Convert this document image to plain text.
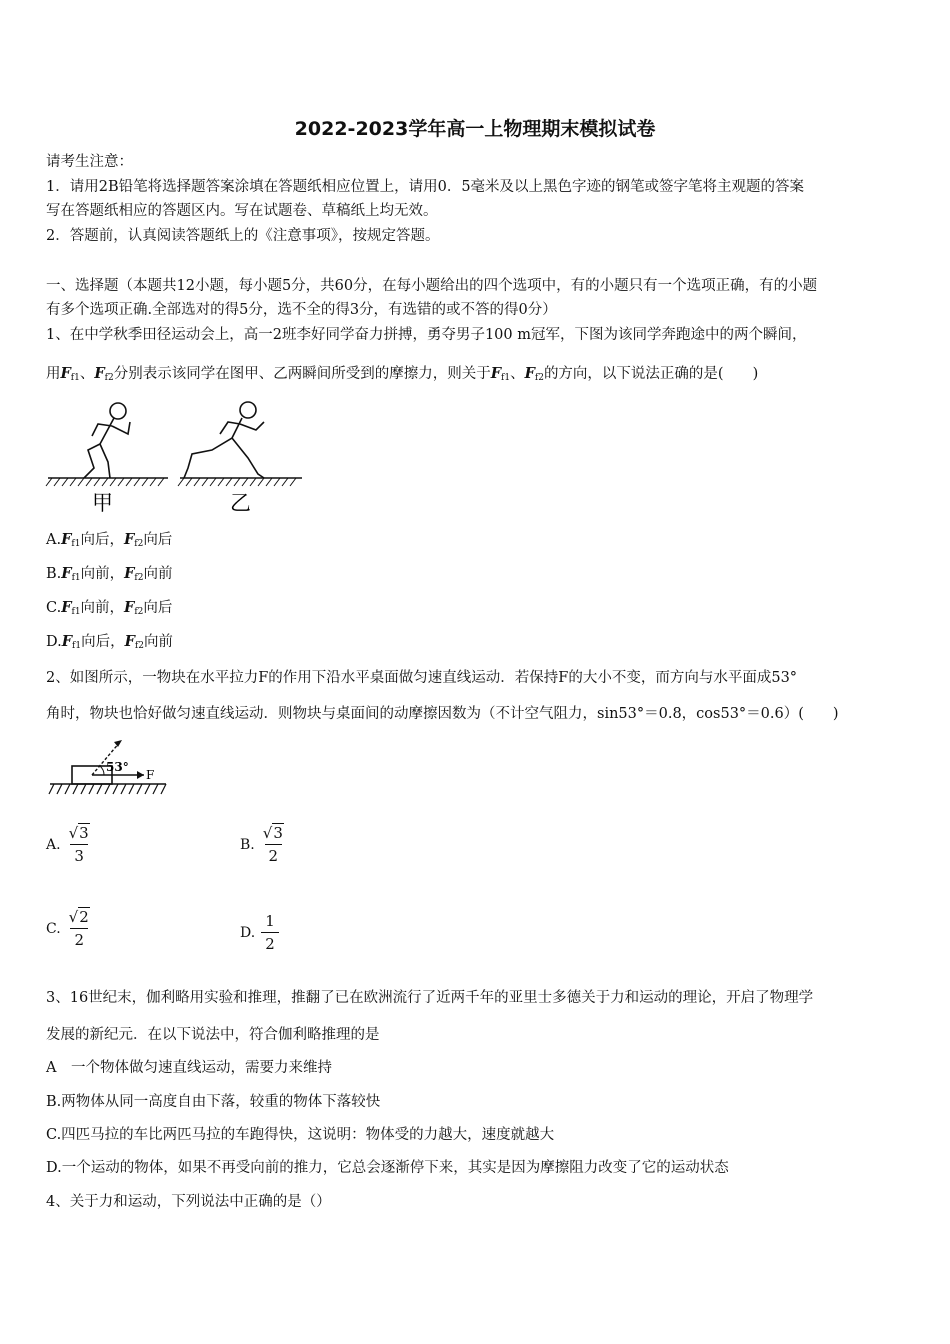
2022-2023学年高一上物理期末模拟试卷
请考生注意：
1．请用2B铅笔将选择题答案涂填在答题纸相应位置上，请用0．5毫米及以上黑色字迹的钢笔或签字笔将主观题的答案
写在答题纸相应的答题区内。写在试题卷、草稿纸上均无效。
2．答题前，认真阅读答题纸上的《注意事项》，按规定答题。
一、选择题（本题共12小题，每小题5分，共60分，在每小题给出的四个选项中，有的小题只有一个选项正确，有的小题
有多个选项正确.全部选对的得5分，选不全的得3分，有选错的或不答的得0分）
1、在中学秋季田径运动会上，高一2班李好同学奋力拼搏，勇夺男子100 m冠军，下图为该同学奔跑途中的两个瞬间，
用$F_{f1}$、$F_{f2}$分别表示该同学在图甲、乙两瞬间所受到的摩擦力，则关于$F_{f1}$、$F_{f2}$的方向，以下说法正确的是(　　)
甲	乙
$A.F_{f1}$向后，$F_{f2}$向后
$B.F_{f1}$向前，$F_{f2}$向前
$C.F_{f1}$向前，$F_{f2}$向后
$D.F_{f1}$向后，$F_{f2}$向前
2、如图所示，一物块在水平拉力F的作用下沿水平桌面做匀速直线运动．若保持F的大小不变，而方向与水平面成53°
角时，物块也恰好做匀速直线运动．则物块与桌面间的动摩擦因数为（不计空气阻力，sin53°＝0.8，cos53°＝0.6）(　　)
53°
F
A. $\frac{√3}{3}$	B. $\frac{√3}{2}$
C. $\frac{√2}{2}$	D. $\frac{1}{2}$
3、16世纪末，伽利略用实验和推理，推翻了已在欧洲流行了近两千年的亚里士多德关于力和运动的理论，开启了物理学
发展的新纪元．在以下说法中，符合伽利略推理的是
A　一个物体做匀速直线运动，需要力来维持
B.两物体从同一高度自由下落，较重的物体下落较快
C.四匹马拉的车比两匹马拉的车跑得快，这说明：物体受的力越大，速度就越大
D.一个运动的物体，如果不再受向前的推力，它总会逐渐停下来，其实是因为摩擦阻力改变了它的运动状态
4、关于力和运动，下列说法中正确的是（）
